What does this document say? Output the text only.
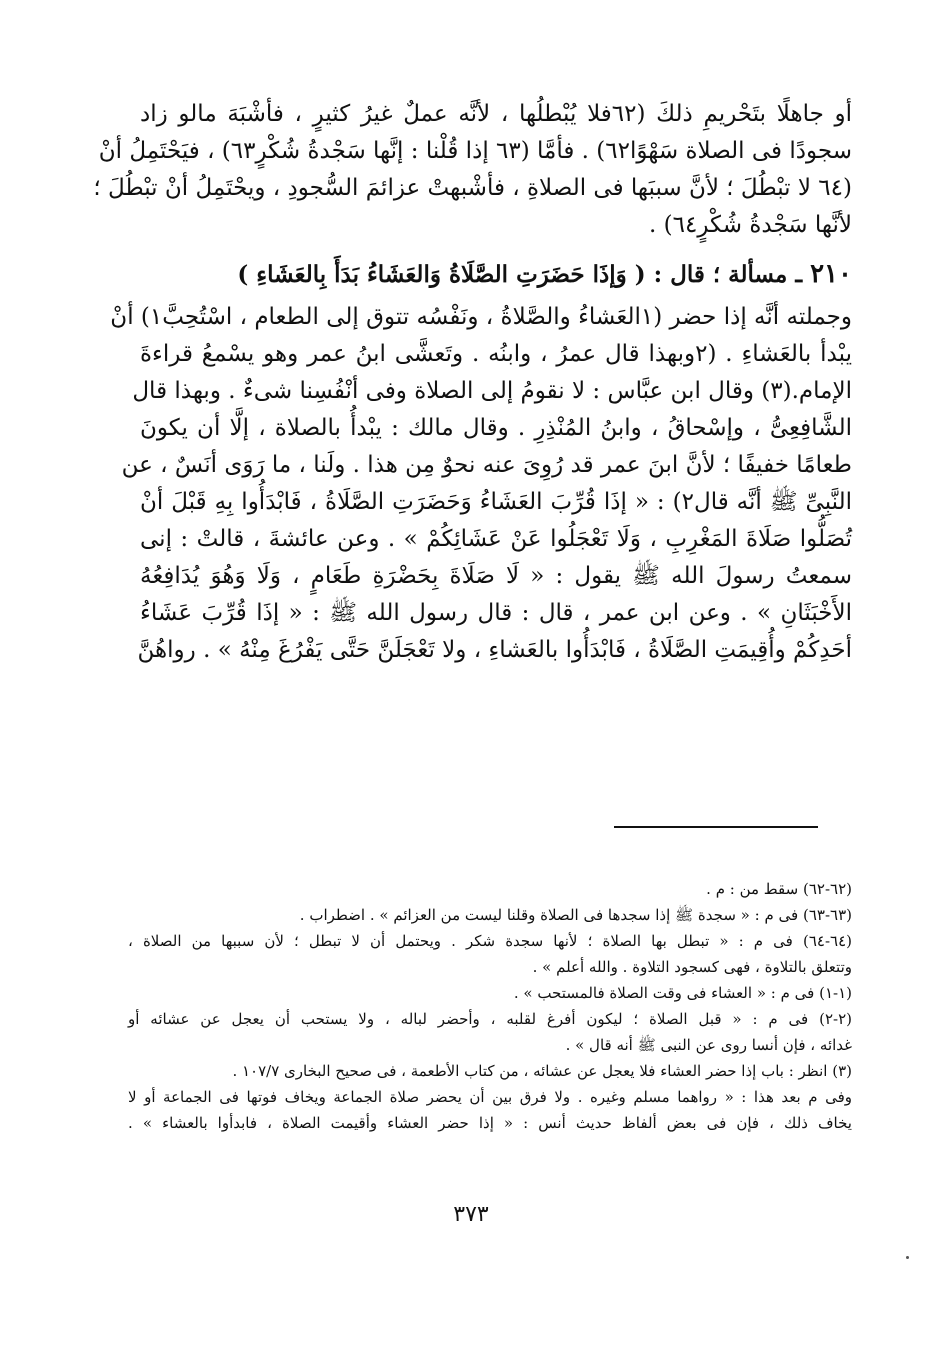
أو جاهلًا بتَحْريمِ ذلكَ (٦٢فلا يُبْطلُها ، لأنَّه عملٌ غيرُ كثيرٍ ، فأشْبَهَ مالو زاد
سجودًا فى الصلاة سَهْوًا٦٢) . فأمَّا (٦٣ إذا قُلْنا : إنَّها سَجْدةُ شُكْرٍ٦٣) ، فيَحْتَمِلُ أنْ
(٦٤ لا تبْطُلَ ؛ لأنَّ سببَها فى الصلاةِ ، فأشْبهتْ عزائمَ السُّجودِ ، ويحْتَمِلُ أنْ تبْطُلَ ؛
لأنَّها سَجْدةُ شُكْرٍ٦٤) .
٢١٠ ـ مسألة ؛ قال : ( وَإذَا حَضَرَتِ الصَّلَاةُ وَالعَشَاءُ بَدَأَ بِالعَشَاءِ )
وجملته أنَّه إذا حضر (١العَشاءُ والصَّلاةُ ، ونَفْسُه تتوق إلى الطعام ، اسْتُحِبَّ١) أنْ
يبْدأ بالعَشاءِ . (٢وبهذا قال عمرُ ، وابنُه . وتَعشَّى ابنُ عمر وهو يسْمعُ قراءةَ
الإمام.(٣) وقال ابن عبَّاس : لا نقومُ إلى الصلاة وفى أنْفُسِنا شىءٌ . وبهذا قال
الشَّافِعِىُّ ، وإسْحاقُ ، وابنُ المُنْذِرِ . وقال مالك : يبْدأُ بالصلاة ، إلَّا أن يكونَ
طعامًا خفيفًا ؛ لأنَّ ابنَ عمر قد رُوِىَ عنه نحوٌ مِن هذا . ولَنا ، ما رَوَى أنَسٌ ، عن
النَّبِىِّ ﷺ أنَّه قال٢) : « إذَا قُرِّبَ العَشَاءُ وَحَضَرَتِ الصَّلَاةُ ، فَابْدَأُوا بِهِ قَبْلَ أنْ
تُصَلُّوا صَلَاةَ المَغْرِبِ ، وَلَا تَعْجَلُوا عَنْ عَشَائِكُمْ » . وعن عائشةَ ، قالتْ : إنى
سمعتُ رسولَ الله ﷺ يقول : « لَا صَلَاةَ بِحَضْرَةِ طَعَامٍ ، وَلَا وَهُوَ يُدَافِعُهُ
الأَخْبَثَانِ » . وعن ابن عمر ، قال : قال رسول الله ﷺ : « إذَا قُرِّبَ عَشَاءُ
أحَدِكُمْ وأُقِيمَتِ الصَّلَاةُ ، فَابْدَأُوا بالعَشاءِ ، ولا تَعْجَلَنَّ حَتَّى يَفْرُغَ مِنْهُ » . رواهُنَّ
(٦٢-٦٢) سقط من : م .
(٦٣-٦٣) فى م : « سجدة ﷺ إذا سجدها فى الصلاة وقلنا ليست من العزائم » . اضطراب .
(٦٤-٦٤) فى م : « تبطل بها الصلاة ؛ لأنها سجدة شكر . ويحتمل أن لا تبطل ؛ لأن سببها من الصلاة ،
وتتعلق بالتلاوة ، فهى كسجود التلاوة . والله أعلم » .
(١-١) فى م : « العشاء فى وقت الصلاة فالمستحب » .
(٢-٢) فى م : « قبل الصلاة ؛ ليكون أفرغ لقلبه ، وأحضر لباله ، ولا يستحب أن يعجل عن عشائه أو
غدائه ، فإن أنسا روى عن النبى ﷺ أنه قال » .
(٣) انظر : باب إذا حضر العشاء فلا يعجل عن عشائه ، من كتاب الأطعمة ، فى صحيح البخارى ١٠٧/٧ .
وفى م بعد هذا : « رواهما مسلم وغيره . ولا فرق بين أن يحضر صلاة الجماعة ويخاف فوتها فى الجماعة أو لا
يخاف ذلك ، فإن فى بعض ألفاظ حديث أنس : « إذا حضر العشاء وأقيمت الصلاة ، فابدأوا بالعشاء » .
٣٧٣
